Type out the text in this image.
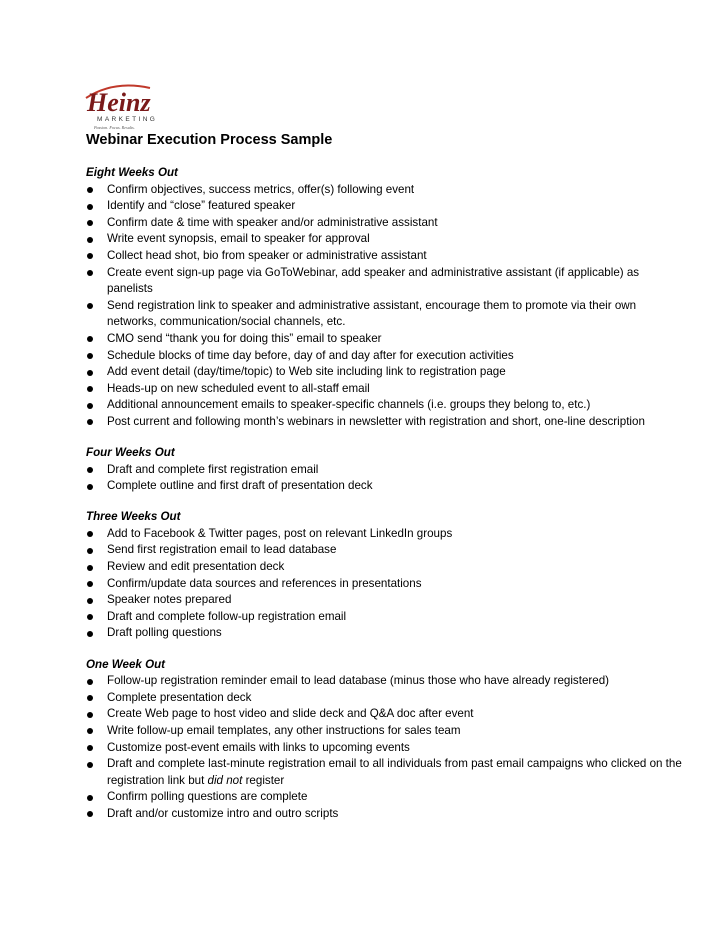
Heinz
MARKETING
Passion. Focus. Results.
Webinar Execution Process Sample
Eight Weeks Out
Confirm objectives, success metrics, offer(s) following event
Identify and “close” featured speaker
Confirm date & time with speaker and/or administrative assistant
Write event synopsis, email to speaker for approval
Collect head shot, bio from speaker or administrative assistant
Create event sign-up page via GoToWebinar, add speaker and administrative assistant (if applicable) as panelists
Send registration link to speaker and administrative assistant, encourage them to promote via their own networks, communication/social channels, etc.
CMO send “thank you for doing this” email to speaker
Schedule blocks of time day before, day of and day after for execution activities
Add event detail (day/time/topic) to Web site including link to registration page
Heads-up on new scheduled event to all-staff email
Additional announcement emails to speaker-specific channels (i.e. groups they belong to, etc.)
Post current and following month’s webinars in newsletter with registration and short, one-line description
Four Weeks Out
Draft and complete first registration email
Complete outline and first draft of presentation deck
Three Weeks Out
Add to Facebook & Twitter pages, post on relevant LinkedIn groups
Send first registration email to lead database
Review and edit presentation deck
Confirm/update data sources and references in presentations
Speaker notes prepared
Draft and complete follow-up registration email
Draft polling questions
One Week Out
Follow-up registration reminder email to lead database (minus those who have already registered)
Complete presentation deck
Create Web page to host video and slide deck and Q&A doc after event
Write follow-up email templates, any other instructions for sales team
Customize post-event emails with links to upcoming events
Draft and complete last-minute registration email to all individuals from past email campaigns who clicked on the registration link but did not register
Confirm polling questions are complete
Draft and/or customize intro and outro scripts
